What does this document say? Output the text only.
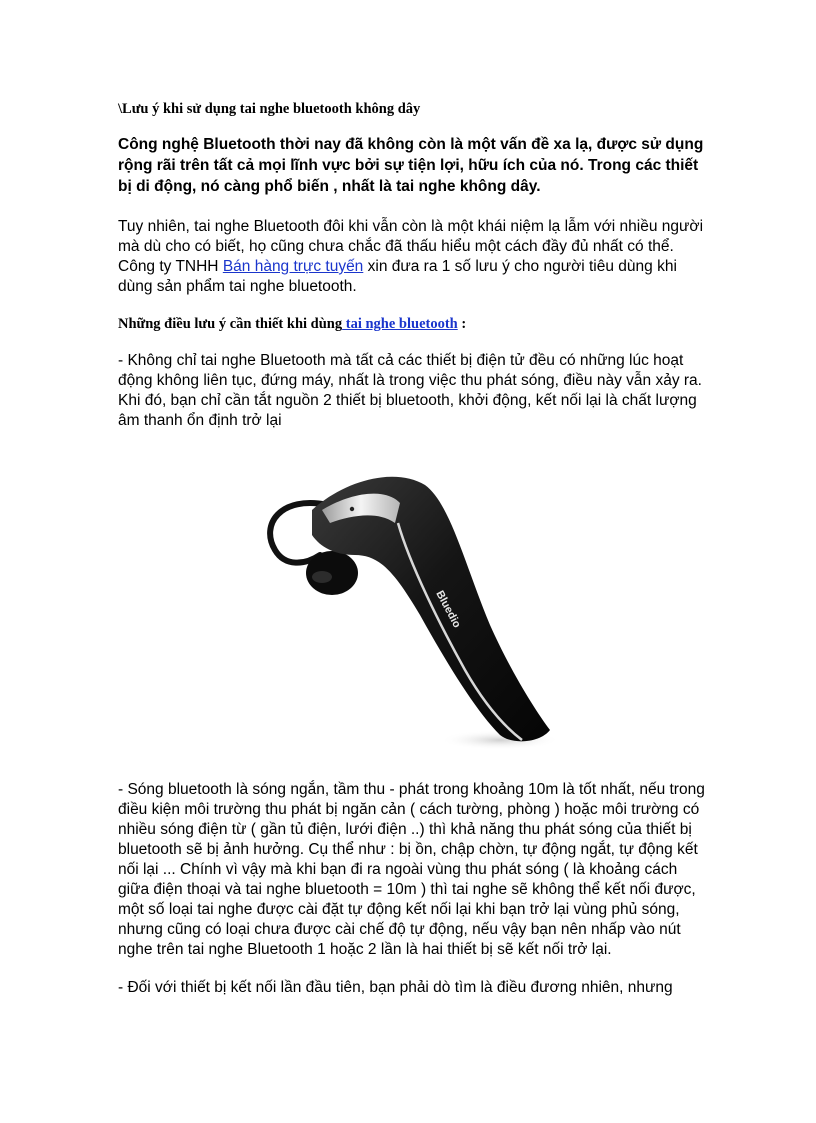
\Lưu ý khi sử dụng tai nghe bluetooth không dây

Công nghệ Bluetooth thời nay đã không còn là một vấn đề xa lạ, được sử dụng rộng rãi trên tất cả mọi lĩnh vực bởi sự tiện lợi, hữu ích của nó. Trong các thiết bị di động, nó càng phổ biến , nhất là tai nghe không dây.

Tuy nhiên, tai nghe Bluetooth đôi khi vẫn còn là một khái niệm lạ lẫm với nhiều người mà dù cho có biết, họ cũng chưa chắc đã thấu hiểu một cách đầy đủ nhất có thể. Công ty TNHH Bán hàng trực tuyến xin đưa ra 1 số lưu ý cho người tiêu dùng khi dùng sản phẩm tai nghe bluetooth.

Những điều lưu ý cần thiết khi dùng tai nghe bluetooth :

- Không chỉ tai nghe Bluetooth mà tất cả các thiết bị điện tử đều có những lúc hoạt động không liên tục, đứng máy, nhất là trong việc thu phát sóng, điều này vẫn xảy ra. Khi đó, bạn chỉ cần tắt nguồn 2 thiết bị bluetooth, khởi động, kết nối lại là chất lượng âm thanh ổn định trở lại

Bluedio

- Sóng bluetooth là sóng ngắn, tầm thu - phát trong khoảng 10m là tốt nhất, nếu trong điều kiện môi trường thu phát bị ngăn cản ( cách tường, phòng ) hoặc môi trường có nhiều sóng điện từ ( gần tủ điện, lưới điện ..) thì khả năng thu phát sóng của thiết bị bluetooth sẽ bị ảnh hưởng. Cụ thể như : bị ồn, chập chờn, tự động ngắt, tự động kết nối lại ... Chính vì vậy mà khi bạn đi ra ngoài vùng thu phát sóng ( là khoảng cách giữa điện thoại và tai nghe bluetooth = 10m ) thì tai nghe sẽ không thể kết nối được, một số loại tai nghe được cài đặt tự động kết nối lại khi bạn trở lại vùng phủ sóng, nhưng cũng có loại chưa được cài chế độ tự động, nếu vậy bạn nên nhấp vào nút nghe trên tai nghe Bluetooth 1 hoặc 2 lần là hai thiết bị sẽ kết nối trở lại.

- Đối với thiết bị kết nối lần đầu tiên, bạn phải dò tìm là điều đương nhiên, nhưng
